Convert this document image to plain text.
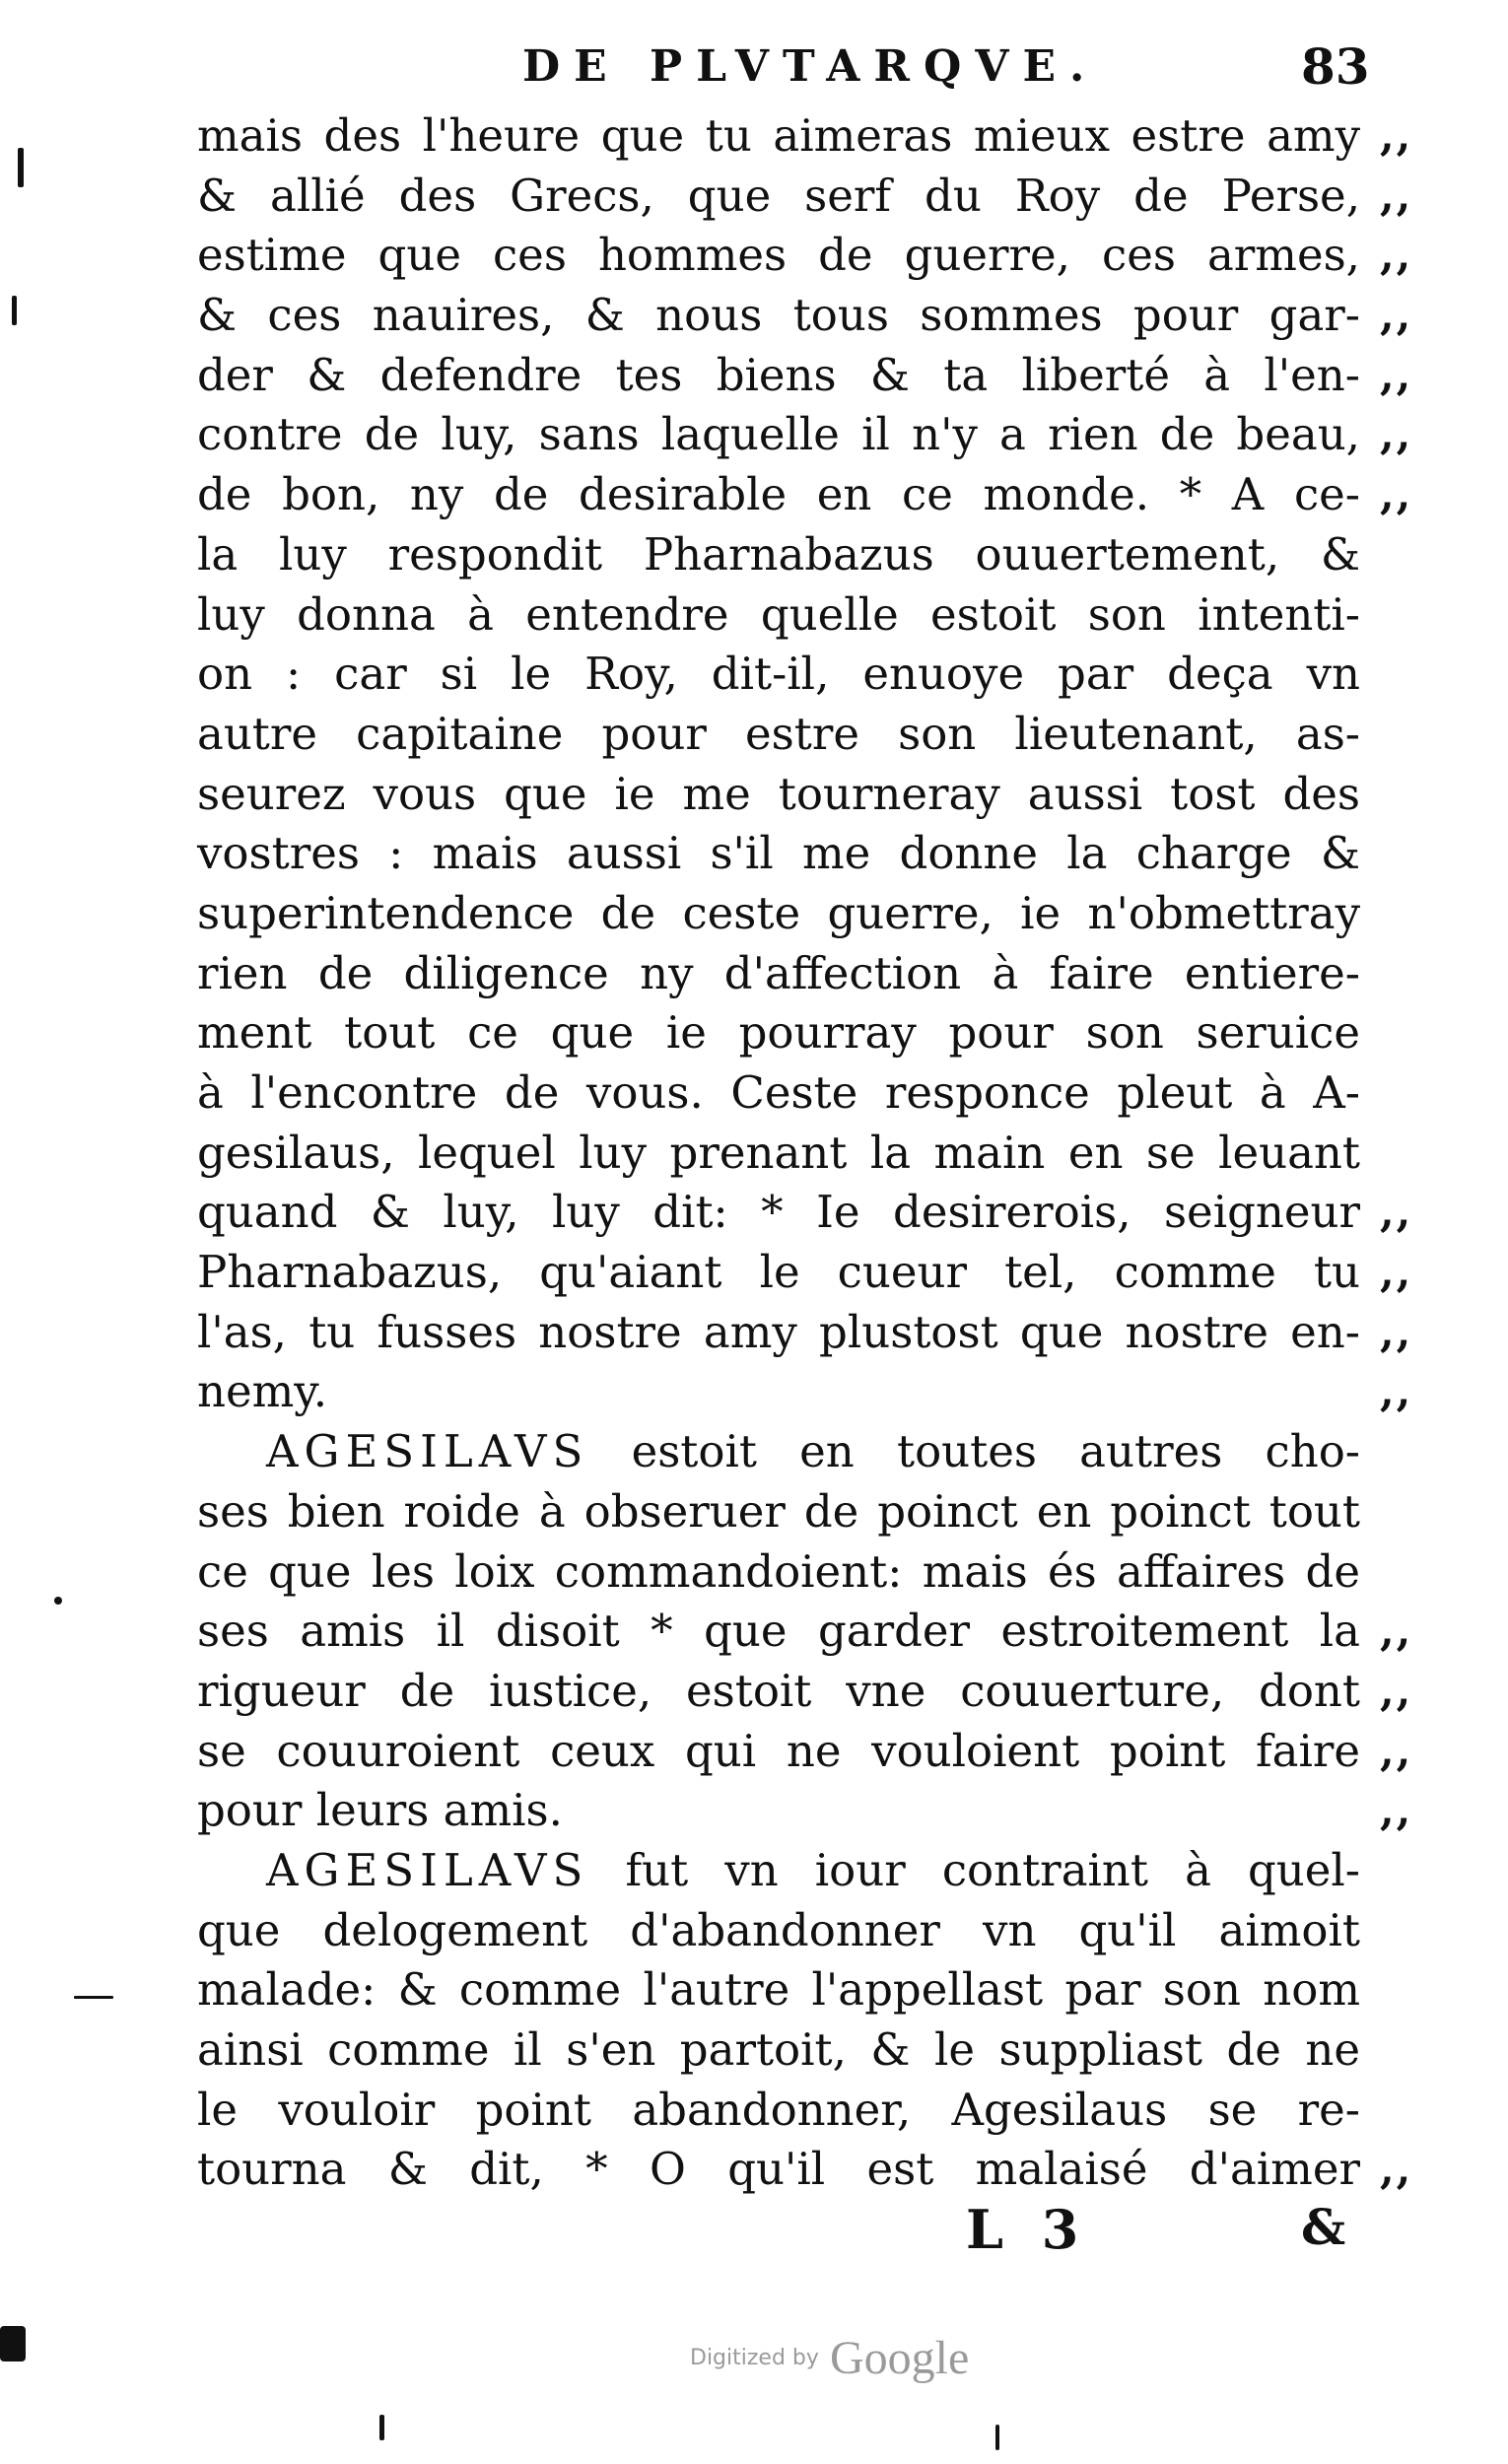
DE PLVTARQVE.	83
mais des l'heure que tu aimeras mieux estre amy ,,
& allié des Grecs, que serf du Roy de Perse, ,,
estime que ces hommes de guerre, ces armes, ,,
& ces nauires, & nous tous sommes pour gar- ,,
der & defendre tes biens & ta liberté à l'en- ,,
contre de luy, sans laquelle il n'y a rien de beau, ,,
de bon, ny de desirable en ce monde. * A ce- ,,
la luy respondit Pharnabazus ouuertement, &
luy donna à entendre quelle estoit son intenti-
on : car si le Roy, dit-il, enuoye par deça vn
autre capitaine pour estre son lieutenant, as-
seurez vous que ie me tourneray aussi tost des
vostres : mais aussi s'il me donne la charge &
superintendence de ceste guerre, ie n'obmettray
rien de diligence ny d'affection à faire entiere-
ment tout ce que ie pourray pour son seruice
à l'encontre de vous. Ceste responce pleut à A-
gesilaus, lequel luy prenant la main en se leuant
quand & luy, luy dit: * Ie desirerois, seigneur ,,
Pharnabazus, qu'aiant le cueur tel, comme tu ,,
l'as, tu fusses nostre amy plustost que nostre en- ,,
nemy.	,,
AGESILAVS estoit en toutes autres cho-
ses bien roide à obseruer de poinct en poinct tout
ce que les loix commandoient: mais és affaires de
ses amis il disoit * que garder estroitement la ,,
rigueur de iustice, estoit vne couuerture, dont ,,
se couuroient ceux qui ne vouloient point faire ,,
pour leurs amis.	,,
AGESILAVS fut vn iour contraint à quel-
que delogement d'abandonner vn qu'il aimoit
malade: & comme l'autre l'appellast par son nom
ainsi comme il s'en partoit, & le suppliast de ne
le vouloir point abandonner, Agesilaus se re-
tourna & dit, * O qu'il est malaisé d'aimer ,,
L 3	&
Digitized by Google
